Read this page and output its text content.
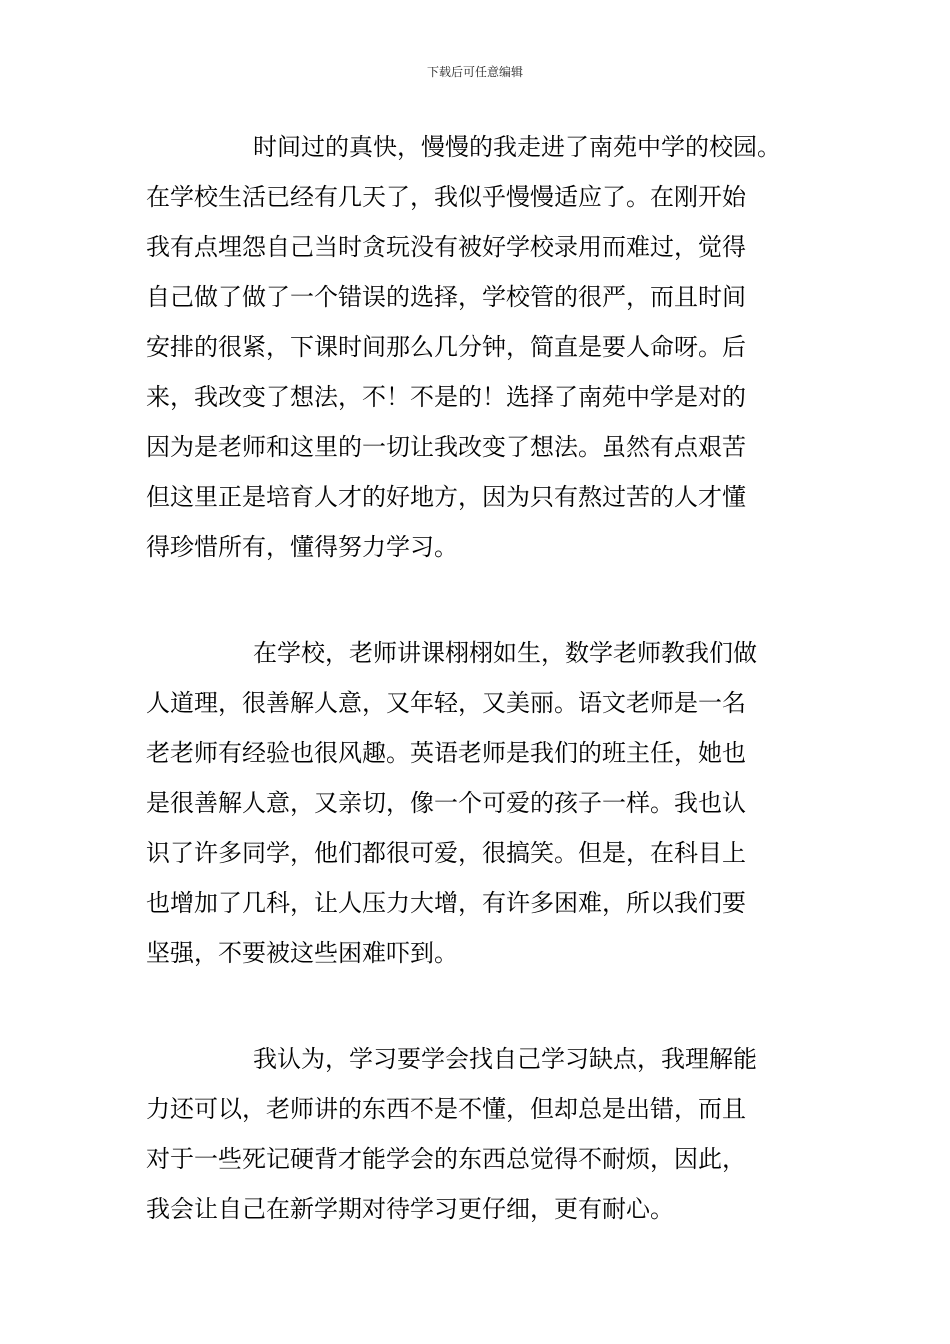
下载后可任意编辑

时间过的真快，慢慢的我走进了南苑中学的校园。
在学校生活已经有几天了，我似乎慢慢适应了。在刚开始
我有点埋怨自己当时贪玩没有被好学校录用而难过，觉得
自己做了做了一个错误的选择，学校管的很严，而且时间
安排的很紧，下课时间那么几分钟，简直是要人命呀。后
来，我改变了想法，不！不是的！选择了南苑中学是对的
因为是老师和这里的一切让我改变了想法。虽然有点艰苦
但这里正是培育人才的好地方，因为只有熬过苦的人才懂
得珍惜所有，懂得努力学习。

在学校，老师讲课栩栩如生，数学老师教我们做
人道理，很善解人意，又年轻，又美丽。语文老师是一名
老老师有经验也很风趣。英语老师是我们的班主任，她也
是很善解人意，又亲切，像一个可爱的孩子一样。我也认
识了许多同学，他们都很可爱，很搞笑。但是，在科目上
也增加了几科，让人压力大增，有许多困难，所以我们要
坚强，不要被这些困难吓到。

我认为，学习要学会找自己学习缺点，我理解能
力还可以，老师讲的东西不是不懂，但却总是出错，而且
对于一些死记硬背才能学会的东西总觉得不耐烦，因此，
我会让自己在新学期对待学习更仔细，更有耐心。
